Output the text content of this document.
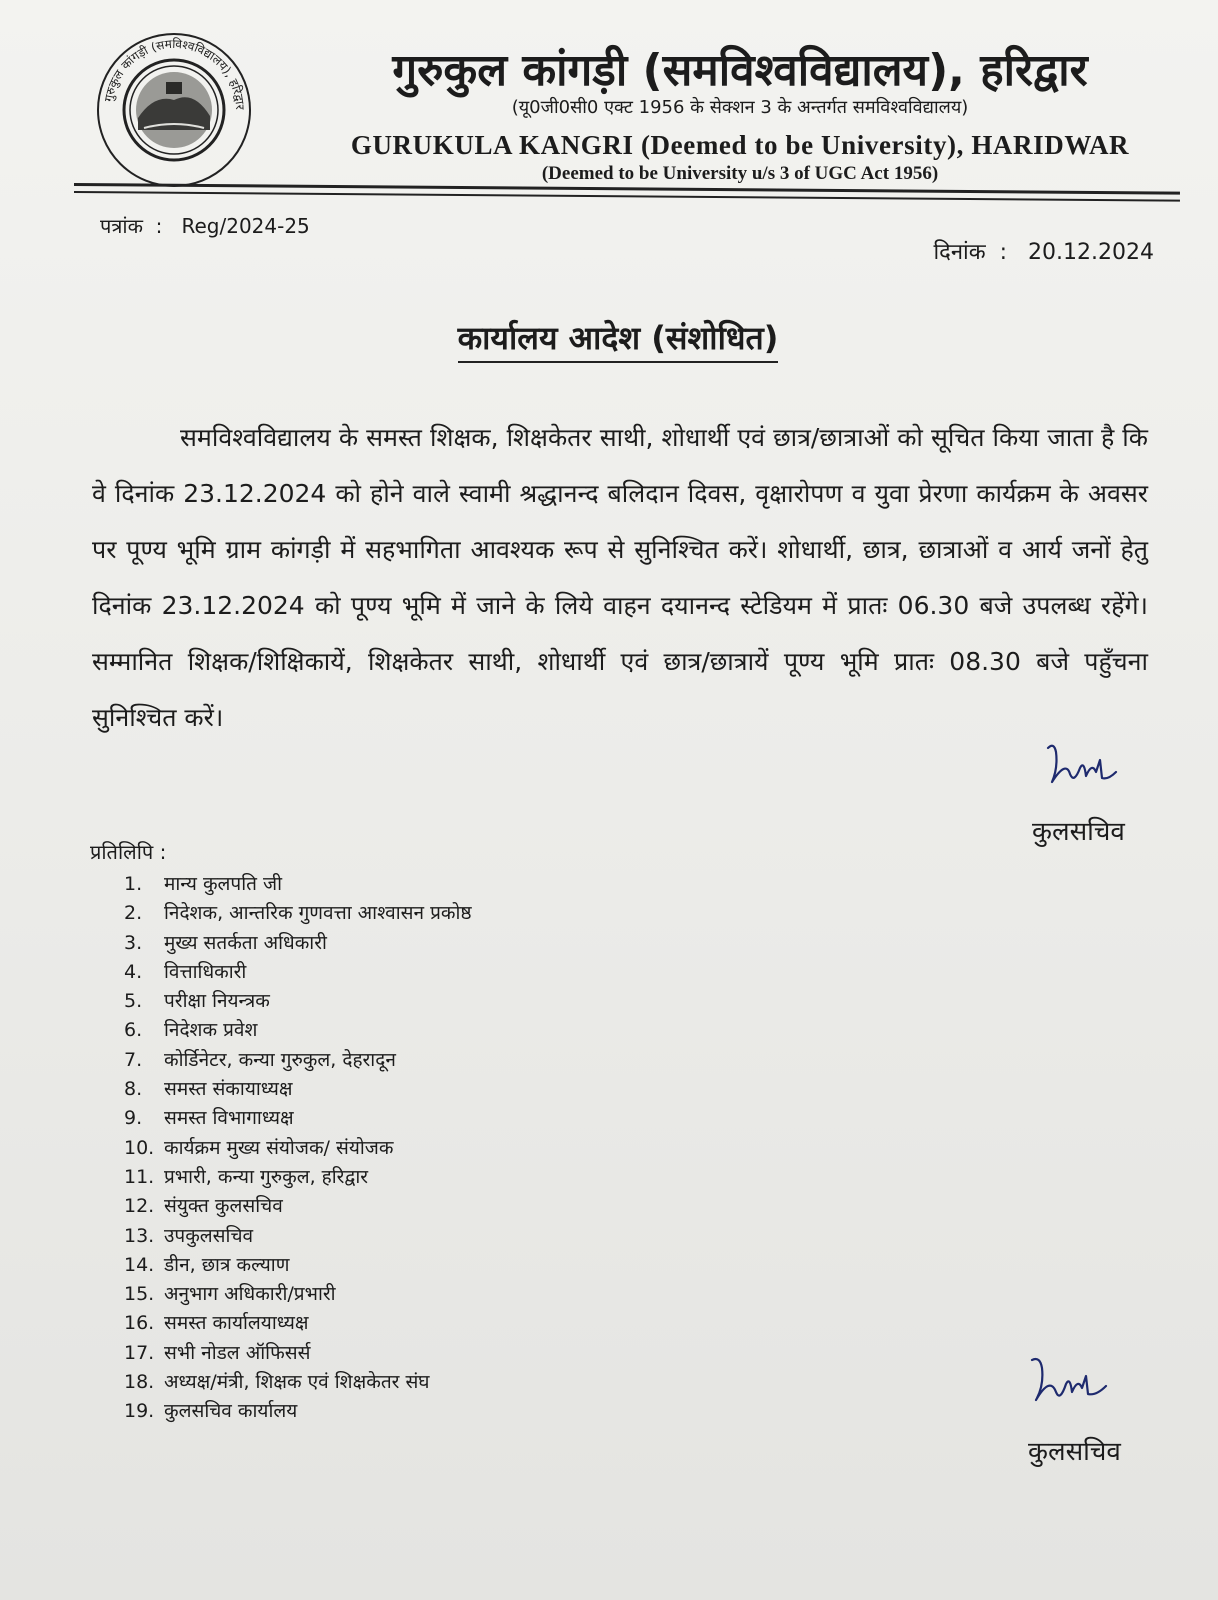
गुरुकुल कांगड़ी (समविश्वविद्यालय), हरिद्वार
गुरुकुल कांगड़ी (समविश्वविद्यालय), हरिद्वार
(यू0जी0सी0 एक्ट 1956 के सेक्शन 3 के अन्तर्गत समविश्वविद्यालय)
GURUKULA KANGRI (Deemed to be University), HARIDWAR
(Deemed to be University u/s 3 of UGC Act 1956)
पत्रांक  :   Reg/2024-25
दिनांक  :   20.12.2024
कार्यालय आदेश (संशोधित)
समविश्वविद्यालय के समस्त शिक्षक, शिक्षकेतर साथी, शोधार्थी एवं छात्र/छात्राओं को सूचित किया जाता है कि वे दिनांक 23.12.2024 को होने वाले स्वामी श्रद्धानन्द बलिदान दिवस, वृक्षारोपण व युवा प्रेरणा कार्यक्रम के अवसर पर पूण्य भूमि ग्राम कांगड़ी में सहभागिता आवश्यक रूप से सुनिश्चित करें। शोधार्थी, छात्र, छात्राओं व आर्य जनों हेतु दिनांक 23.12.2024 को पूण्य भूमि में जाने के लिये वाहन दयानन्द स्टेडियम में प्रातः 06.30 बजे उपलब्ध रहेंगे। सम्मानित शिक्षक/शिक्षिकायें, शिक्षकेतर साथी, शोधार्थी एवं छात्र/छात्रायें पूण्य भूमि प्रातः 08.30 बजे पहुँचना सुनिश्चित करें।
कुलसचिव
प्रतिलिपि :
1. मान्य कुलपति जी
2. निदेशक, आन्तरिक गुणवत्ता आश्वासन प्रकोष्ठ
3. मुख्य सतर्कता अधिकारी
4. वित्ताधिकारी
5. परीक्षा नियन्त्रक
6. निदेशक प्रवेश
7. कोर्डिनेटर, कन्या गुरुकुल, देहरादून
8. समस्त संकायाध्यक्ष
9. समस्त विभागाध्यक्ष
10. कार्यक्रम मुख्य संयोजक/ संयोजक
11. प्रभारी, कन्या गुरुकुल, हरिद्वार
12. संयुक्त कुलसचिव
13. उपकुलसचिव
14. डीन, छात्र कल्याण
15. अनुभाग अधिकारी/प्रभारी
16. समस्त कार्यालयाध्यक्ष
17. सभी नोडल ऑफिसर्स
18. अध्यक्ष/मंत्री, शिक्षक एवं शिक्षकेतर संघ
19. कुलसचिव कार्यालय
कुलसचिव
